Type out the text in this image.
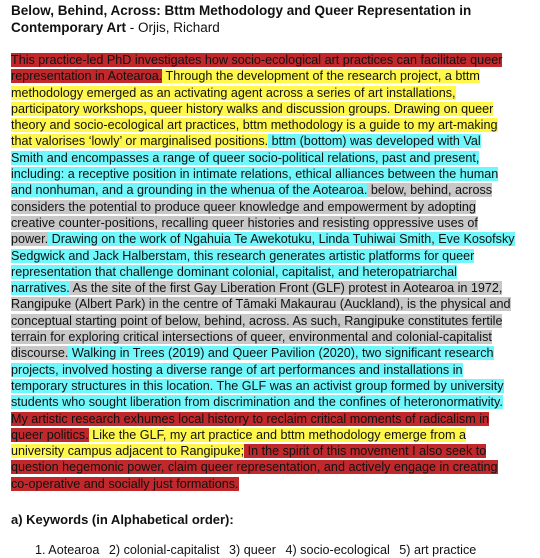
Below, Behind, Across: Bttm Methodology and Queer Representation in
Contemporary Art - Orjis, Richard

This practice-led PhD investigates how socio-ecological art practices can facilitate queer representation in Aotearoa. Through the development of the research project, a bttm methodology emerged as an activating agent across a series of art installations, participatory workshops, queer history walks and discussion groups. Drawing on queer theory and socio-ecological art practices, bttm methodology is a guide to my art-making that valorises ‘lowly’ or marginalised positions. bttm (bottom) was developed with Val Smith and encompasses a range of queer socio-political relations, past and present, including: a receptive position in intimate relations, ethical alliances between the human and nonhuman, and a grounding in the whenua of the Aotearoa. below, behind, across considers the potential to produce queer knowledge and empowerment by adopting creative counter-positions, recalling queer histories and resisting oppressive uses of power. Drawing on the work of Ngahuia Te Awekotuku, Linda Tuhiwai Smith, Eve Kosofsky Sedgwick and Jack Halberstam, this research generates artistic platforms for queer representation that challenge dominant colonial, capitalist, and heteropatriarchal narratives. As the site of the first Gay Liberation Front (GLF) protest in Aotearoa in 1972, Rangipuke (Albert Park) in the centre of Tāmaki Makaurau (Auckland), is the physical and conceptual starting point of below, behind, across. As such, Rangipuke constitutes fertile terrain for exploring critical intersections of queer, environmental and colonial-capitalist discourse. Walking in Trees (2019) and Queer Pavilion (2020), two significant research projects, involved hosting a diverse range of art performances and installations in temporary structures in this location. The GLF was an activist group formed by university students who sought liberation from discrimination and the confines of heteronormativity. My artistic research exhumes local historry to reclaim critical moments of radicalism in queer politics. Like the GLF, my art practice and bttm methodology emerge from a university campus adjacent to Rangipuke; In the spirit of this movement I also seek to question hegemonic power, claim queer representation, and actively engage in creating co-operative and socially just formations.

a) Keywords (in Alphabetical order):

1. Aotearoa 2) colonial-capitalist 3) queer 4) socio-ecological 5) art practice
